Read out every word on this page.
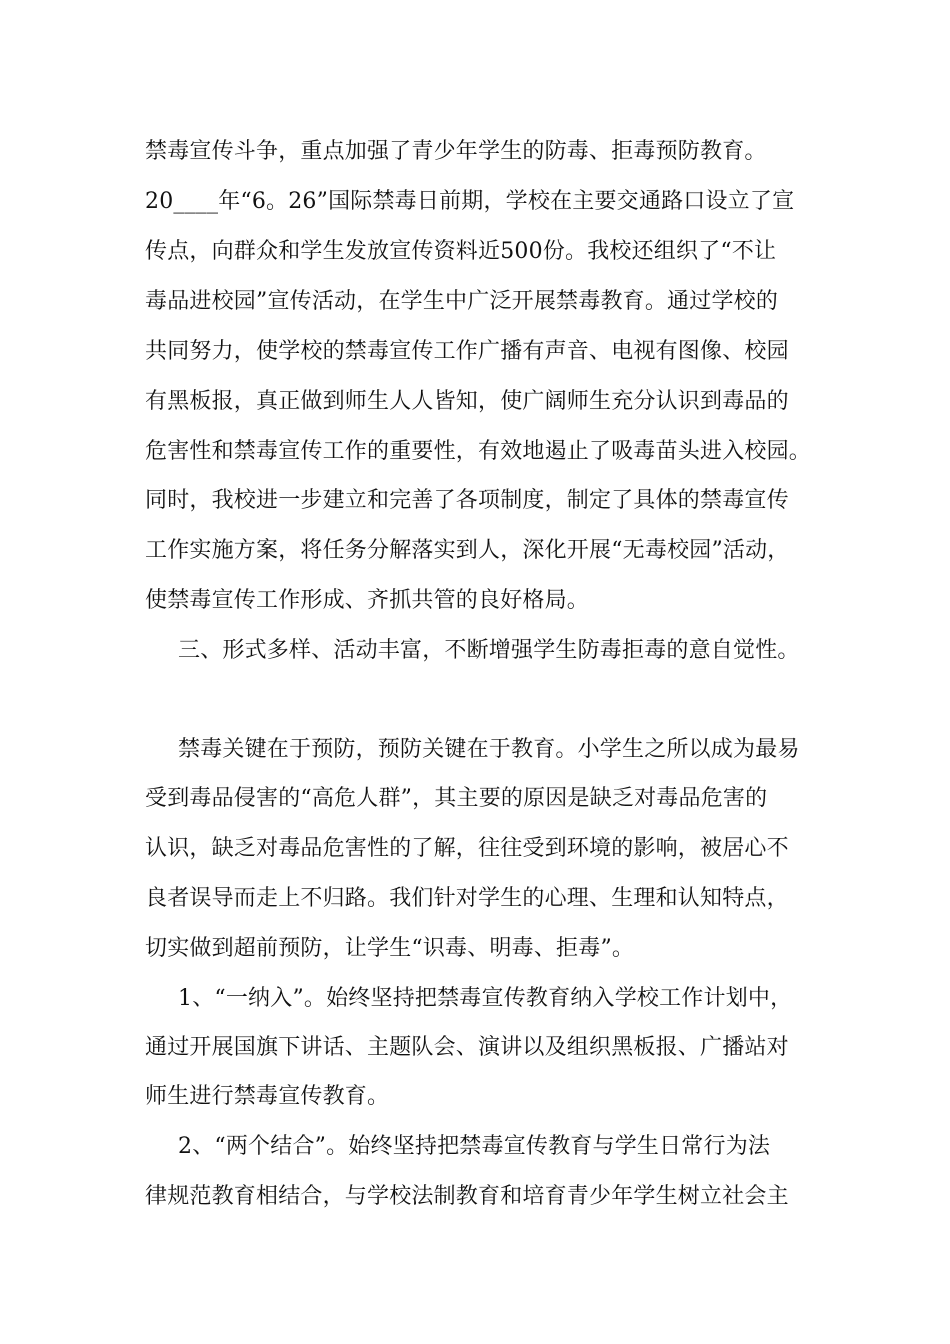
禁毒宣传斗争，重点加强了青少年学生的防毒、拒毒预防教育。
20____年“6。26”国际禁毒日前期，学校在主要交通路口设立了宣
传点，向群众和学生发放宣传资料近500份。我校还组织了“不让
毒品进校园”宣传活动，在学生中广泛开展禁毒教育。通过学校的
共同努力，使学校的禁毒宣传工作广播有声音、电视有图像、校园
有黑板报，真正做到师生人人皆知，使广阔师生充分认识到毒品的
危害性和禁毒宣传工作的重要性，有效地遏止了吸毒苗头进入校园。
同时，我校进一步建立和完善了各项制度，制定了具体的禁毒宣传
工作实施方案，将任务分解落实到人，深化开展“无毒校园”活动，
使禁毒宣传工作形成、齐抓共管的良好格局。
三、形式多样、活动丰富，不断增强学生防毒拒毒的意自觉性。
禁毒关键在于预防，预防关键在于教育。小学生之所以成为最易
受到毒品侵害的“高危人群”，其主要的原因是缺乏对毒品危害的
认识，缺乏对毒品危害性的了解，往往受到环境的影响，被居心不
良者误导而走上不归路。我们针对学生的心理、生理和认知特点，
切实做到超前预防，让学生“识毒、明毒、拒毒”。
1、“一纳入”。始终坚持把禁毒宣传教育纳入学校工作计划中，
通过开展国旗下讲话、主题队会、演讲以及组织黑板报、广播站对
师生进行禁毒宣传教育。
2、“两个结合”。始终坚持把禁毒宣传教育与学生日常行为法
律规范教育相结合，与学校法制教育和培育青少年学生树立社会主
